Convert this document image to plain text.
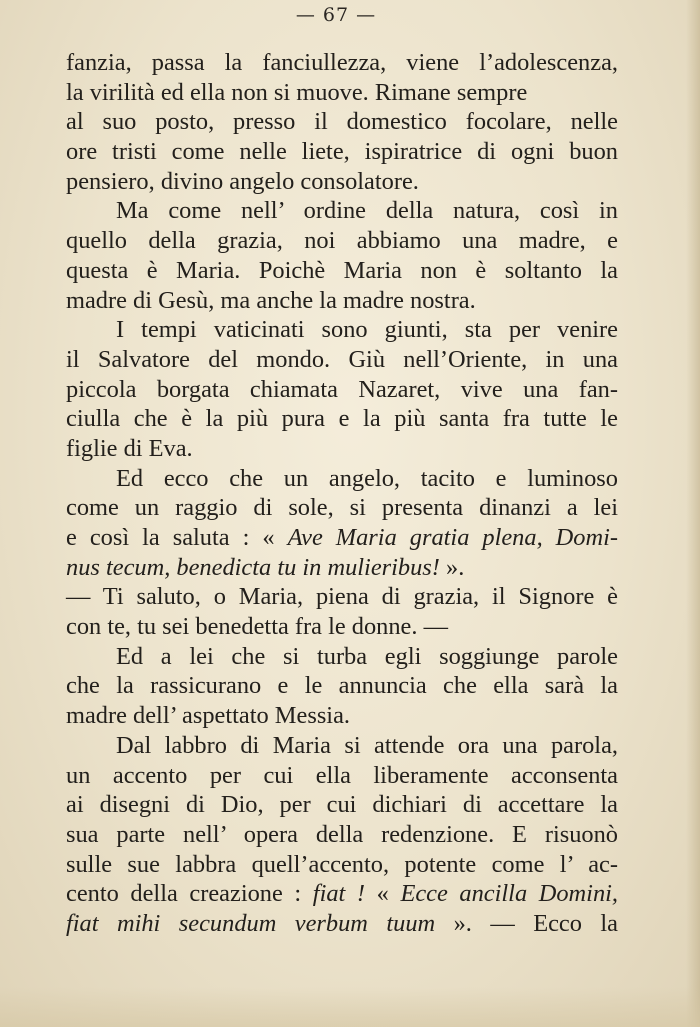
— 67 —
fanzia, passa la fanciullezza, viene l’adolescenza,
la virilità ed ella non si muove. Rimane sempre
al suo posto, presso il domestico focolare, nelle
ore tristi come nelle liete, ispiratrice di ogni buon
pensiero, divino angelo consolatore.
Ma come nell’ ordine della natura, così in
quello della grazia, noi abbiamo una madre, e
questa è Maria. Poichè Maria non è soltanto la
madre di Gesù, ma anche la madre nostra.
I tempi vaticinati sono giunti, sta per venire
il Salvatore del mondo. Giù nell’Oriente, in una
piccola borgata chiamata Nazaret, vive una fan-
ciulla che è la più pura e la più santa fra tutte le
figlie di Eva.
Ed ecco che un angelo, tacito e luminoso
come un raggio di sole, si presenta dinanzi a lei
e così la saluta : « Ave Maria gratia plena, Domi-
nus tecum, benedicta tu in mulieribus! ».
— Ti saluto, o Maria, piena di grazia, il Signore è
con te, tu sei benedetta fra le donne. —
Ed a lei che si turba egli soggiunge parole
che la rassicurano e le annuncia che ella sarà la
madre dell’ aspettato Messia.
Dal labbro di Maria si attende ora una parola,
un accento per cui ella liberamente acconsenta
ai disegni di Dio, per cui dichiari di accettare la
sua parte nell’ opera della redenzione. E risuonò
sulle sue labbra quell’accento, potente come l’ ac-
cento della creazione : fiat ! « Ecce ancilla Domini,
fiat mihi secundum verbum tuum ». — Ecco la
